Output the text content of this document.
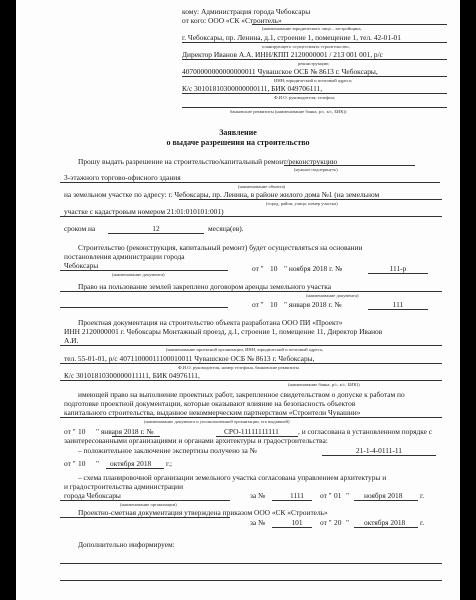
кому: Администрация города Чебоксары
от кого: ООО «СК «Строитель»
(наименование юридического лица – застройщика,
г. Чебоксары, пр. Ленина, д.1, строение 1, помещение 1, тел. 42-01-01
планирующего осуществлять строительство,
Директор Иванов А.А. ИНН/КПП 2120000001 / 213 001 001, р/с
реконструкцию;
40700000000000000011 Чувашское ОСБ № 8613 г. Чебоксары,
ИНН; юридический и почтовый адреса;
К/с 30101810300000000111, БИК 049706111,
Ф.И.О. руководителя; телефон;
банковские реквизиты (наименование банка, р/с, к/с, БИК))
Заявление
о выдаче разрешения на строительство
Прошу выдать разрешение на строительство/капитальный ремонт/реконструкцию
(нужное подчеркнуть)
3-этажного торгово-офисного здания
(наименование объекта)
на земельном участке по адресу: г. Чебоксары, пр. Ленина, в районе жилого дома №1 (на земельном
(город, район, улица, номер участка)
участке с кадастровым номером 21:01:010101:001)
сроком на	12	месяца(ев).
Строительство (реконструкция, капитальный ремонт) будет осуществляться на основании
постановления администрации города
Чебоксары
(наименование документа)
от " 10 " ноября 2018 г. №	111-р
Право на пользование землей закреплено договором аренды земельного участка
(наименование документа)
от " 10 " января 2018 г. №	111
Проектная документация на строительство объекта разработана ООО ПИ «Проект»
ИНН 2120000001 г. Чебоксары Монтажный проезд, д.1, строение 1, помещение 11, Директор Иванов
А.И.
(наименование проектной организации, ИНН, юридический и почтовый адреса,
тел. 55-01-01, р/с 40711000011100010011 Чувашское ОСБ № 8613 г. Чебоксары,
Ф.И.О. руководителя, номер телефона, банковские реквизиты
К/с 30101810300000011111, БИК 04976111,
(наименование банка, р/с, к/с, БИК))
имеющей право на выполнение проектных работ, закрепленное свидетельством о допуске к работам по
подготовке проектной документации, которые оказывают влияние на безопасность объектов
капитального строительства, выданное некоммерческим партнерством «Строители Чувашии»
(наименование документа и уполномоченной организации, его выдавшей)
от " 10 " января 2018 г. №	СРО-11111111111	, и согласована в установленном порядке с
заинтересованными организациями и органами архитектуры и градостроительства:
– положительное заключение экспертизы получено за №	21-1-4-0111-11
от " 10 " октября 2018 г.;
– схема планировочной организации земельного участка согласована управлением архитектуры и
и градостроительства администрации
города Чебоксары
(наименование организации)
за №	1111	от " 01 " ноября 2018 г.
Проектно-сметная документация утверждена приказом ООО «СК «Строитель»
за №	101	от " 20 " октября 2018 г.
Дополнительно информируем:
